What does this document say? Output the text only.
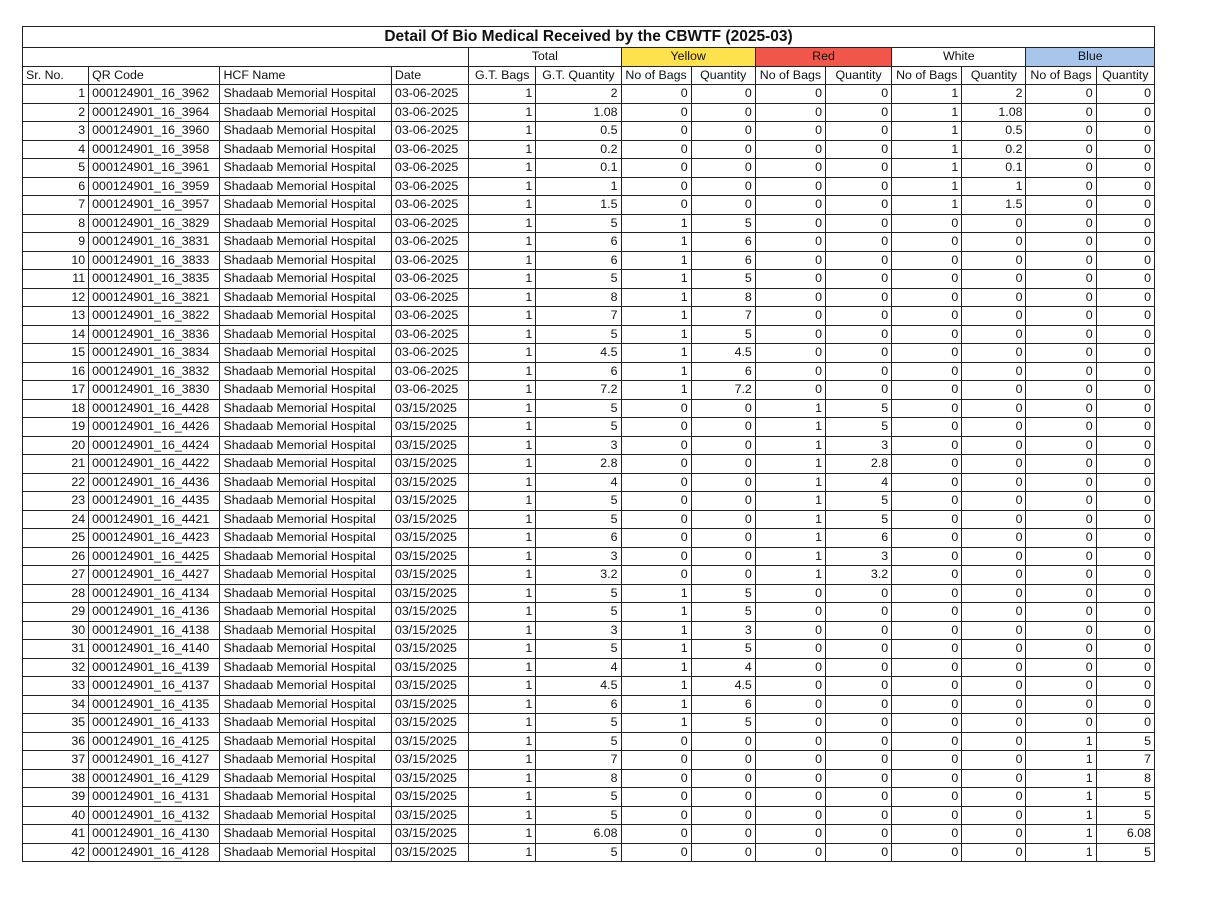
Detail Of Bio Medical Received by the CBWTF (2025-03)													
				Total		Yellow		Red		White		Blue	
Sr. No.	QR Code	HCF Name	Date	G.T. Bags	G.T. Quantity	No of Bags	Quantity	No of Bags	Quantity	No of Bags	Quantity	No of Bags	Quantity
1	000124901_16_3962	Shadaab Memorial Hospital	03-06-2025	1	2	0	0	0	0	1	2	0	0
2	000124901_16_3964	Shadaab Memorial Hospital	03-06-2025	1	1.08	0	0	0	0	1	1.08	0	0
3	000124901_16_3960	Shadaab Memorial Hospital	03-06-2025	1	0.5	0	0	0	0	1	0.5	0	0
4	000124901_16_3958	Shadaab Memorial Hospital	03-06-2025	1	0.2	0	0	0	0	1	0.2	0	0
5	000124901_16_3961	Shadaab Memorial Hospital	03-06-2025	1	0.1	0	0	0	0	1	0.1	0	0
6	000124901_16_3959	Shadaab Memorial Hospital	03-06-2025	1	1	0	0	0	0	1	1	0	0
7	000124901_16_3957	Shadaab Memorial Hospital	03-06-2025	1	1.5	0	0	0	0	1	1.5	0	0
8	000124901_16_3829	Shadaab Memorial Hospital	03-06-2025	1	5	1	5	0	0	0	0	0	0
9	000124901_16_3831	Shadaab Memorial Hospital	03-06-2025	1	6	1	6	0	0	0	0	0	0
10	000124901_16_3833	Shadaab Memorial Hospital	03-06-2025	1	6	1	6	0	0	0	0	0	0
11	000124901_16_3835	Shadaab Memorial Hospital	03-06-2025	1	5	1	5	0	0	0	0	0	0
12	000124901_16_3821	Shadaab Memorial Hospital	03-06-2025	1	8	1	8	0	0	0	0	0	0
13	000124901_16_3822	Shadaab Memorial Hospital	03-06-2025	1	7	1	7	0	0	0	0	0	0
14	000124901_16_3836	Shadaab Memorial Hospital	03-06-2025	1	5	1	5	0	0	0	0	0	0
15	000124901_16_3834	Shadaab Memorial Hospital	03-06-2025	1	4.5	1	4.5	0	0	0	0	0	0
16	000124901_16_3832	Shadaab Memorial Hospital	03-06-2025	1	6	1	6	0	0	0	0	0	0
17	000124901_16_3830	Shadaab Memorial Hospital	03-06-2025	1	7.2	1	7.2	0	0	0	0	0	0
18	000124901_16_4428	Shadaab Memorial Hospital	03/15/2025	1	5	0	0	1	5	0	0	0	0
19	000124901_16_4426	Shadaab Memorial Hospital	03/15/2025	1	5	0	0	1	5	0	0	0	0
20	000124901_16_4424	Shadaab Memorial Hospital	03/15/2025	1	3	0	0	1	3	0	0	0	0
21	000124901_16_4422	Shadaab Memorial Hospital	03/15/2025	1	2.8	0	0	1	2.8	0	0	0	0
22	000124901_16_4436	Shadaab Memorial Hospital	03/15/2025	1	4	0	0	1	4	0	0	0	0
23	000124901_16_4435	Shadaab Memorial Hospital	03/15/2025	1	5	0	0	1	5	0	0	0	0
24	000124901_16_4421	Shadaab Memorial Hospital	03/15/2025	1	5	0	0	1	5	0	0	0	0
25	000124901_16_4423	Shadaab Memorial Hospital	03/15/2025	1	6	0	0	1	6	0	0	0	0
26	000124901_16_4425	Shadaab Memorial Hospital	03/15/2025	1	3	0	0	1	3	0	0	0	0
27	000124901_16_4427	Shadaab Memorial Hospital	03/15/2025	1	3.2	0	0	1	3.2	0	0	0	0
28	000124901_16_4134	Shadaab Memorial Hospital	03/15/2025	1	5	1	5	0	0	0	0	0	0
29	000124901_16_4136	Shadaab Memorial Hospital	03/15/2025	1	5	1	5	0	0	0	0	0	0
30	000124901_16_4138	Shadaab Memorial Hospital	03/15/2025	1	3	1	3	0	0	0	0	0	0
31	000124901_16_4140	Shadaab Memorial Hospital	03/15/2025	1	5	1	5	0	0	0	0	0	0
32	000124901_16_4139	Shadaab Memorial Hospital	03/15/2025	1	4	1	4	0	0	0	0	0	0
33	000124901_16_4137	Shadaab Memorial Hospital	03/15/2025	1	4.5	1	4.5	0	0	0	0	0	0
34	000124901_16_4135	Shadaab Memorial Hospital	03/15/2025	1	6	1	6	0	0	0	0	0	0
35	000124901_16_4133	Shadaab Memorial Hospital	03/15/2025	1	5	1	5	0	0	0	0	0	0
36	000124901_16_4125	Shadaab Memorial Hospital	03/15/2025	1	5	0	0	0	0	0	0	1	5
37	000124901_16_4127	Shadaab Memorial Hospital	03/15/2025	1	7	0	0	0	0	0	0	1	7
38	000124901_16_4129	Shadaab Memorial Hospital	03/15/2025	1	8	0	0	0	0	0	0	1	8
39	000124901_16_4131	Shadaab Memorial Hospital	03/15/2025	1	5	0	0	0	0	0	0	1	5
40	000124901_16_4132	Shadaab Memorial Hospital	03/15/2025	1	5	0	0	0	0	0	0	1	5
41	000124901_16_4130	Shadaab Memorial Hospital	03/15/2025	1	6.08	0	0	0	0	0	0	1	6.08
42	000124901_16_4128	Shadaab Memorial Hospital	03/15/2025	1	5	0	0	0	0	0	0	1	5
